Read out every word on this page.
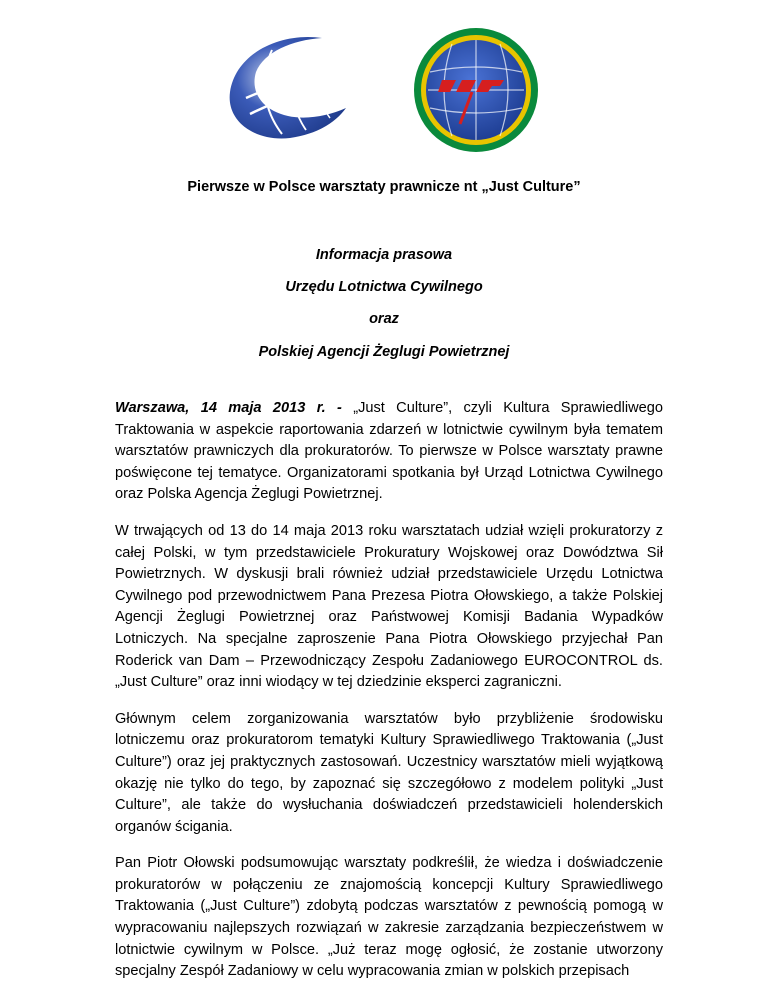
Pierwsze w Polsce warsztaty prawnicze nt „Just Culture”
Informacja prasowa
Urzędu Lotnictwa Cywilnego
oraz
Polskiej Agencji Żeglugi Powietrznej

Warszawa, 14 maja 2013 r. - „Just Culture”, czyli Kultura Sprawiedliwego Traktowania w aspekcie raportowania zdarzeń w lotnictwie cywilnym była tematem warsztatów prawniczych dla prokuratorów. To pierwsze w Polsce warsztaty prawne poświęcone tej tematyce. Organizatorami spotkania był Urząd Lotnictwa Cywilnego oraz Polska Agencja Żeglugi Powietrznej.

W trwających od 13 do 14 maja 2013 roku warsztatach udział wzięli prokuratorzy z całej Polski, w tym przedstawiciele Prokuratury Wojskowej oraz Dowództwa Sił Powietrznych. W dyskusji brali również udział przedstawiciele Urzędu Lotnictwa Cywilnego pod przewodnictwem Pana Prezesa Piotra Ołowskiego, a także Polskiej Agencji Żeglugi Powietrznej oraz Państwowej Komisji Badania Wypadków Lotniczych. Na specjalne zaproszenie Pana Piotra Ołowskiego przyjechał Pan Roderick van Dam – Przewodniczący Zespołu Zadaniowego EUROCONTROL ds. „Just Culture” oraz inni wiodący w tej dziedzinie eksperci zagraniczni.

Głównym celem zorganizowania warsztatów było przybliżenie środowisku lotniczemu oraz prokuratorom tematyki Kultury Sprawiedliwego Traktowania („Just Culture”) oraz jej praktycznych zastosowań. Uczestnicy warsztatów mieli wyjątkową okazję nie tylko do tego, by zapoznać się szczegółowo z modelem polityki „Just Culture”, ale także do wysłuchania doświadczeń przedstawicieli holenderskich organów ścigania.

Pan Piotr Ołowski podsumowując warsztaty podkreślił, że wiedza i doświadczenie prokuratorów w połączeniu ze znajomością koncepcji Kultury Sprawiedliwego Traktowania („Just Culture”) zdobytą podczas warsztatów z pewnością pomogą w wypracowaniu najlepszych rozwiązań w zakresie zarządzania bezpieczeństwem w lotnictwie cywilnym w Polsce. „Już teraz mogę ogłosić, że zostanie utworzony specjalny Zespół Zadaniowy w celu wypracowania zmian w polskich przepisach
